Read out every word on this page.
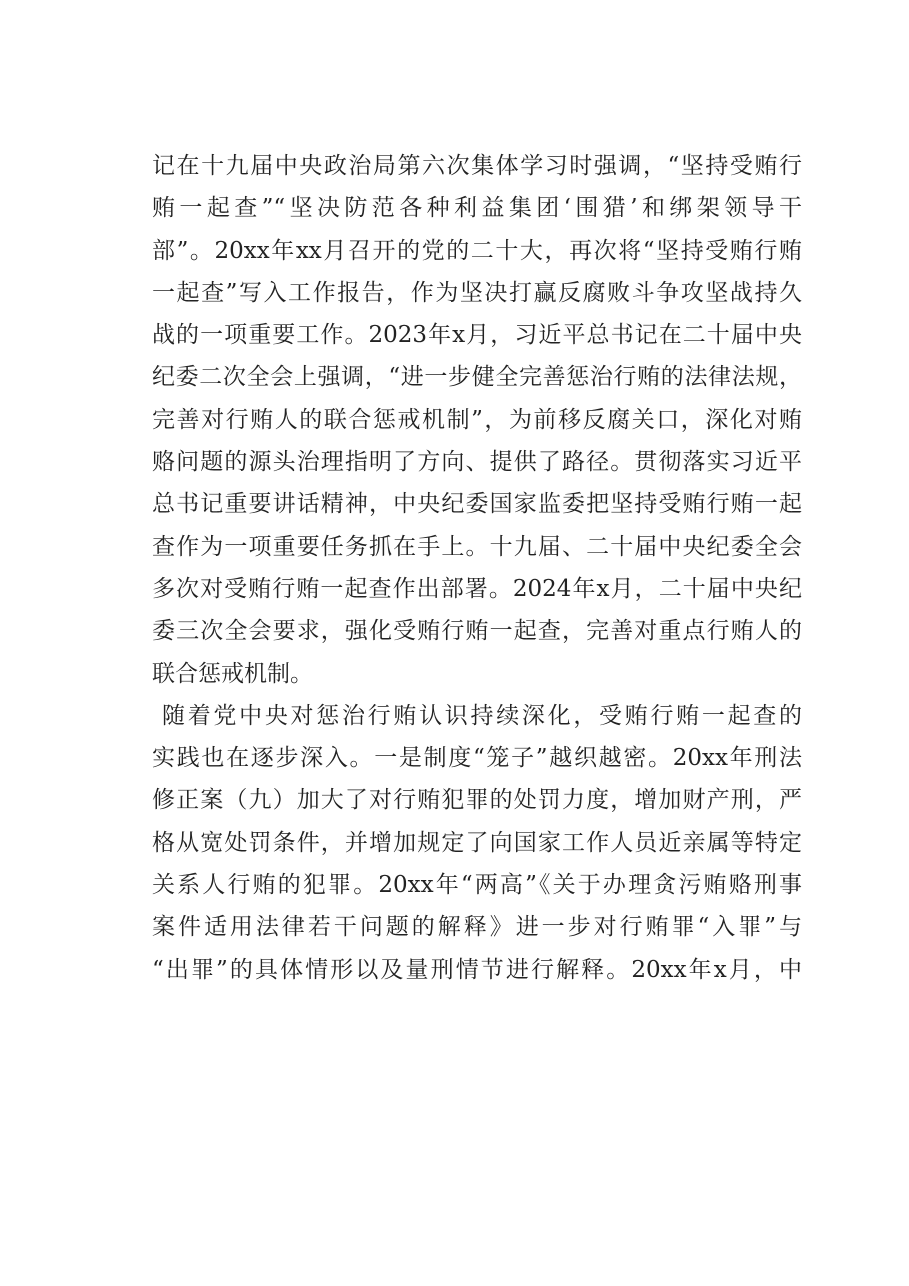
记在十九届中央政治局第六次集体学习时强调，“坚持受贿行
贿一起查”“坚决防范各种利益集团‘围猎’和绑架领导干
部”。20xx年xx月召开的党的二十大，再次将“坚持受贿行贿
一起查”写入工作报告，作为坚决打赢反腐败斗争攻坚战持久
战的一项重要工作。2023年x月，习近平总书记在二十届中央
纪委二次全会上强调，“进一步健全完善惩治行贿的法律法规，
完善对行贿人的联合惩戒机制”，为前移反腐关口，深化对贿
赂问题的源头治理指明了方向、提供了路径。贯彻落实习近平
总书记重要讲话精神，中央纪委国家监委把坚持受贿行贿一起
查作为一项重要任务抓在手上。十九届、二十届中央纪委全会
多次对受贿行贿一起查作出部署。2024年x月，二十届中央纪
委三次全会要求，强化受贿行贿一起查，完善对重点行贿人的
联合惩戒机制。
随着党中央对惩治行贿认识持续深化，受贿行贿一起查的
实践也在逐步深入。一是制度“笼子”越织越密。20xx年刑法
修正案（九）加大了对行贿犯罪的处罚力度，增加财产刑，严
格从宽处罚条件，并增加规定了向国家工作人员近亲属等特定
关系人行贿的犯罪。20xx年“两高”《关于办理贪污贿赂刑事
案件适用法律若干问题的解释》进一步对行贿罪“入罪”与
“出罪”的具体情形以及量刑情节进行解释。20xx年x月，中
